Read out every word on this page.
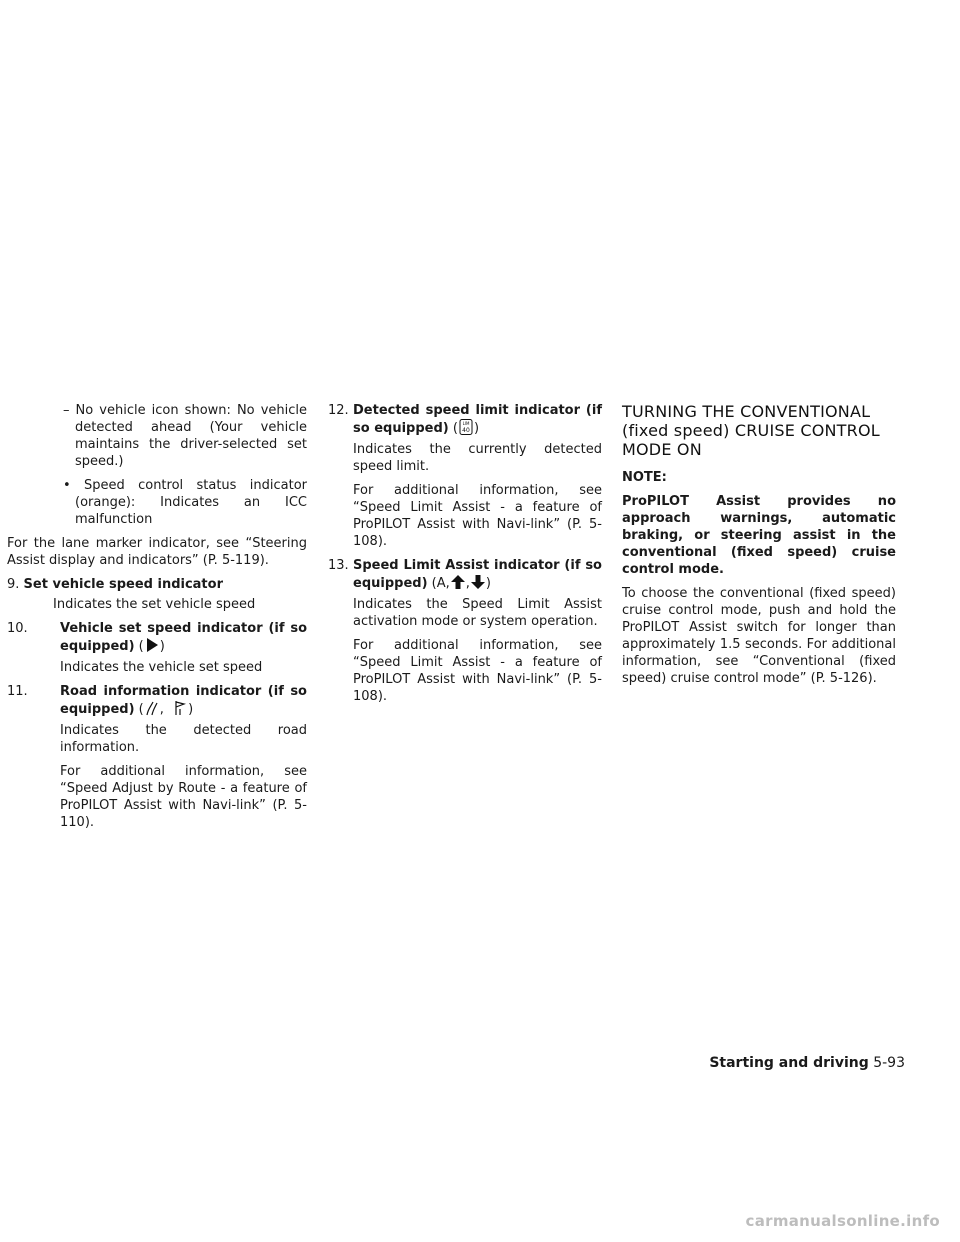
– No vehicle icon shown: No vehicle detected ahead (Your vehicle maintains the driver-selected set speed.)

• Speed control status indicator (orange): Indicates an ICC malfunction

For the lane marker indicator, see “Steering Assist display and indicators” (P. 5-119).

9. Set vehicle speed indicator

Indicates the set vehicle speed

10.	Vehicle set speed indicator (if so equipped) ( )

Indicates the vehicle set speed

11.	Road information indicator (if so equipped) ( , )

Indicates the detected road information.

For additional information, see “Speed Adjust by Route - a feature of ProPILOT Assist with Navi-link” (P. 5-110).

12. Detected speed limit indicator (if so equipped) ( LIM
40 )

Indicates the currently detected speed limit.

For additional information, see “Speed Limit Assist - a feature of ProPILOT Assist with Navi-link” (P. 5-108).

13. Speed Limit Assist indicator (if so equipped) (A, , )

Indicates the Speed Limit Assist activation mode or system operation.

For additional information, see “Speed Limit Assist - a feature of ProPILOT Assist with Navi-link” (P. 5-108).

TURNING THE CONVENTIONAL (fixed speed) CRUISE CONTROL MODE ON

NOTE:

ProPILOT Assist provides no approach warnings, automatic braking, or steering assist in the conventional (fixed speed) cruise control mode.

To choose the conventional (fixed speed) cruise control mode, push and hold the ProPILOT Assist switch for longer than approximately 1.5 seconds. For additional information, see “Conventional (fixed speed) cruise control mode” (P. 5-126).

Starting and driving 5-93
carmanualsonline.info
